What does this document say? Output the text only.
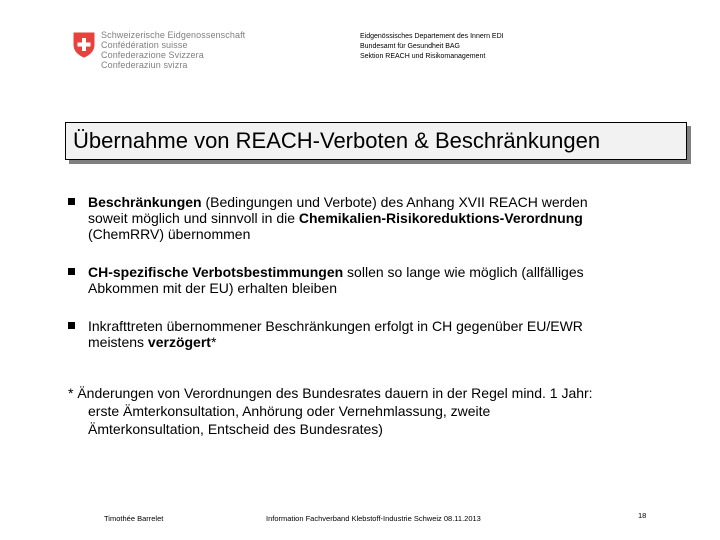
Schweizerische Eidgenossenschaft
Confédération suisse
Confederazione Svizzera
Confederaziun svizra
Eidgenössisches Departement des Innern EDI
Bundesamt für Gesundheit BAG
Sektion REACH und Risikomanagement
Übernahme von REACH-Verboten & Beschränkungen
Beschränkungen (Bedingungen und Verbote) des Anhang XVII REACH werden
soweit möglich und sinnvoll in die Chemikalien-Risikoreduktions-Verordnung
(ChemRRV) übernommen
CH-spezifische Verbotsbestimmungen sollen so lange wie möglich (allfälliges
Abkommen mit der EU) erhalten bleiben
Inkrafttreten übernommener Beschränkungen erfolgt in CH gegenüber EU/EWR
meistens verzögert*
* Änderungen von Verordnungen des Bundesrates dauern in der Regel mind. 1 Jahr:
erste Ämterkonsultation, Anhörung oder Vernehmlassung, zweite
Ämterkonsultation, Entscheid des Bundesrates)
Timothée Barrelet	Information Fachverband Klebstoff-Industrie Schweiz 08.11.2013	18
